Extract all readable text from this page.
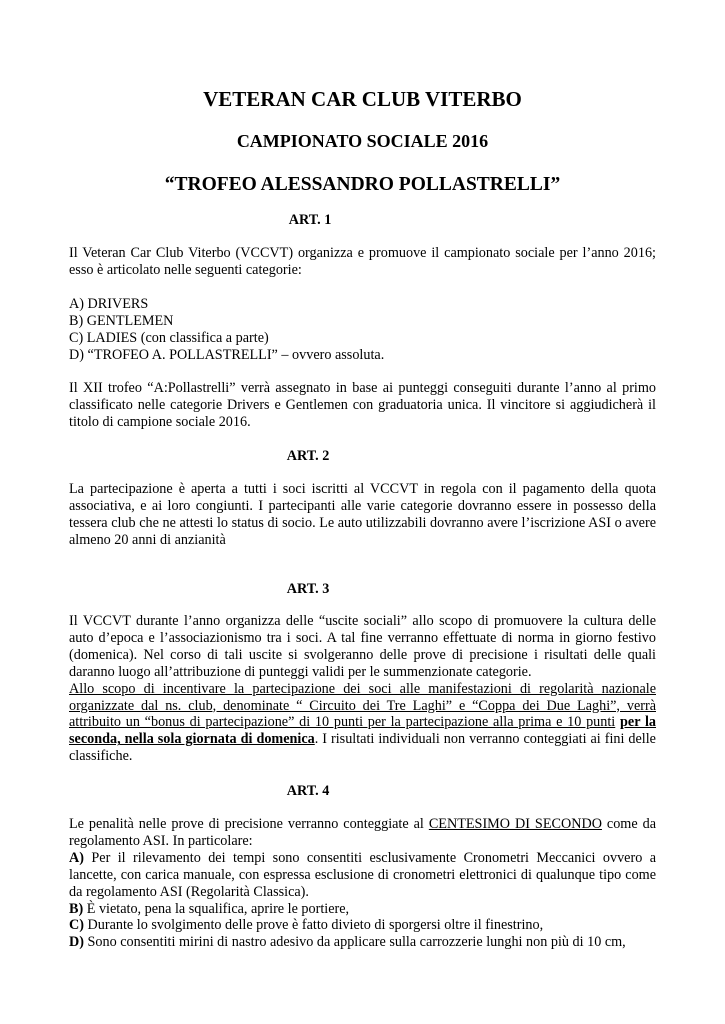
VETERAN CAR CLUB VITERBO
CAMPIONATO SOCIALE 2016
“TROFEO ALESSANDRO POLLASTRELLI”
ART. 1

Il Veteran Car Club Viterbo (VCCVT) organizza e promuove il campionato sociale per l’anno 2016; esso è articolato nelle seguenti categorie:

A) DRIVERS
B) GENTLEMEN
C) LADIES (con classifica a parte)
D) “TROFEO A. POLLASTRELLI” – ovvero assoluta.

Il XII trofeo “A:Pollastrelli” verrà assegnato in base ai punteggi conseguiti durante l’anno al primo classificato nelle categorie Drivers e Gentlemen con graduatoria unica. Il vincitore si aggiudicherà il titolo di campione sociale 2016.

ART. 2

La partecipazione è aperta a tutti i soci iscritti al VCCVT in regola con il pagamento della quota associativa, e ai loro congiunti. I partecipanti alle varie categorie dovranno essere in possesso della tessera club che ne attesti lo status di socio. Le auto utilizzabili dovranno avere l’iscrizione ASI o avere almeno 20 anni di anzianità

ART. 3

Il VCCVT durante l’anno organizza delle “uscite sociali” allo scopo di promuovere la cultura delle auto d’epoca e l’associazionismo tra i soci. A tal fine verranno effettuate di norma in giorno festivo (domenica). Nel corso di tali uscite si svolgeranno delle prove di precisione i risultati delle quali daranno luogo all’attribuzione di punteggi validi per le summenzionate categorie.

Allo scopo di incentivare la partecipazione dei soci alle manifestazioni di regolarità nazionale organizzate dal ns. club, denominate “ Circuito dei Tre Laghi” e “Coppa dei Due Laghi”, verrà attribuito un “bonus di partecipazione” di 10 punti per la partecipazione alla prima e 10 punti per la seconda, nella sola giornata di domenica. I risultati individuali non verranno conteggiati ai fini delle classifiche.

ART. 4

Le penalità nelle prove di precisione verranno conteggiate al CENTESIMO DI SECONDO come da regolamento ASI. In particolare:

A) Per il rilevamento dei tempi sono consentiti esclusivamente Cronometri Meccanici ovvero a lancette, con carica manuale, con espressa esclusione di cronometri elettronici di qualunque tipo come da regolamento ASI (Regolarità Classica).

B) È vietato, pena la squalifica, aprire le portiere,

C) Durante lo svolgimento delle prove è fatto divieto di sporgersi oltre il finestrino,

D) Sono consentiti mirini di nastro adesivo da applicare sulla carrozzerie lunghi non più di 10 cm,
